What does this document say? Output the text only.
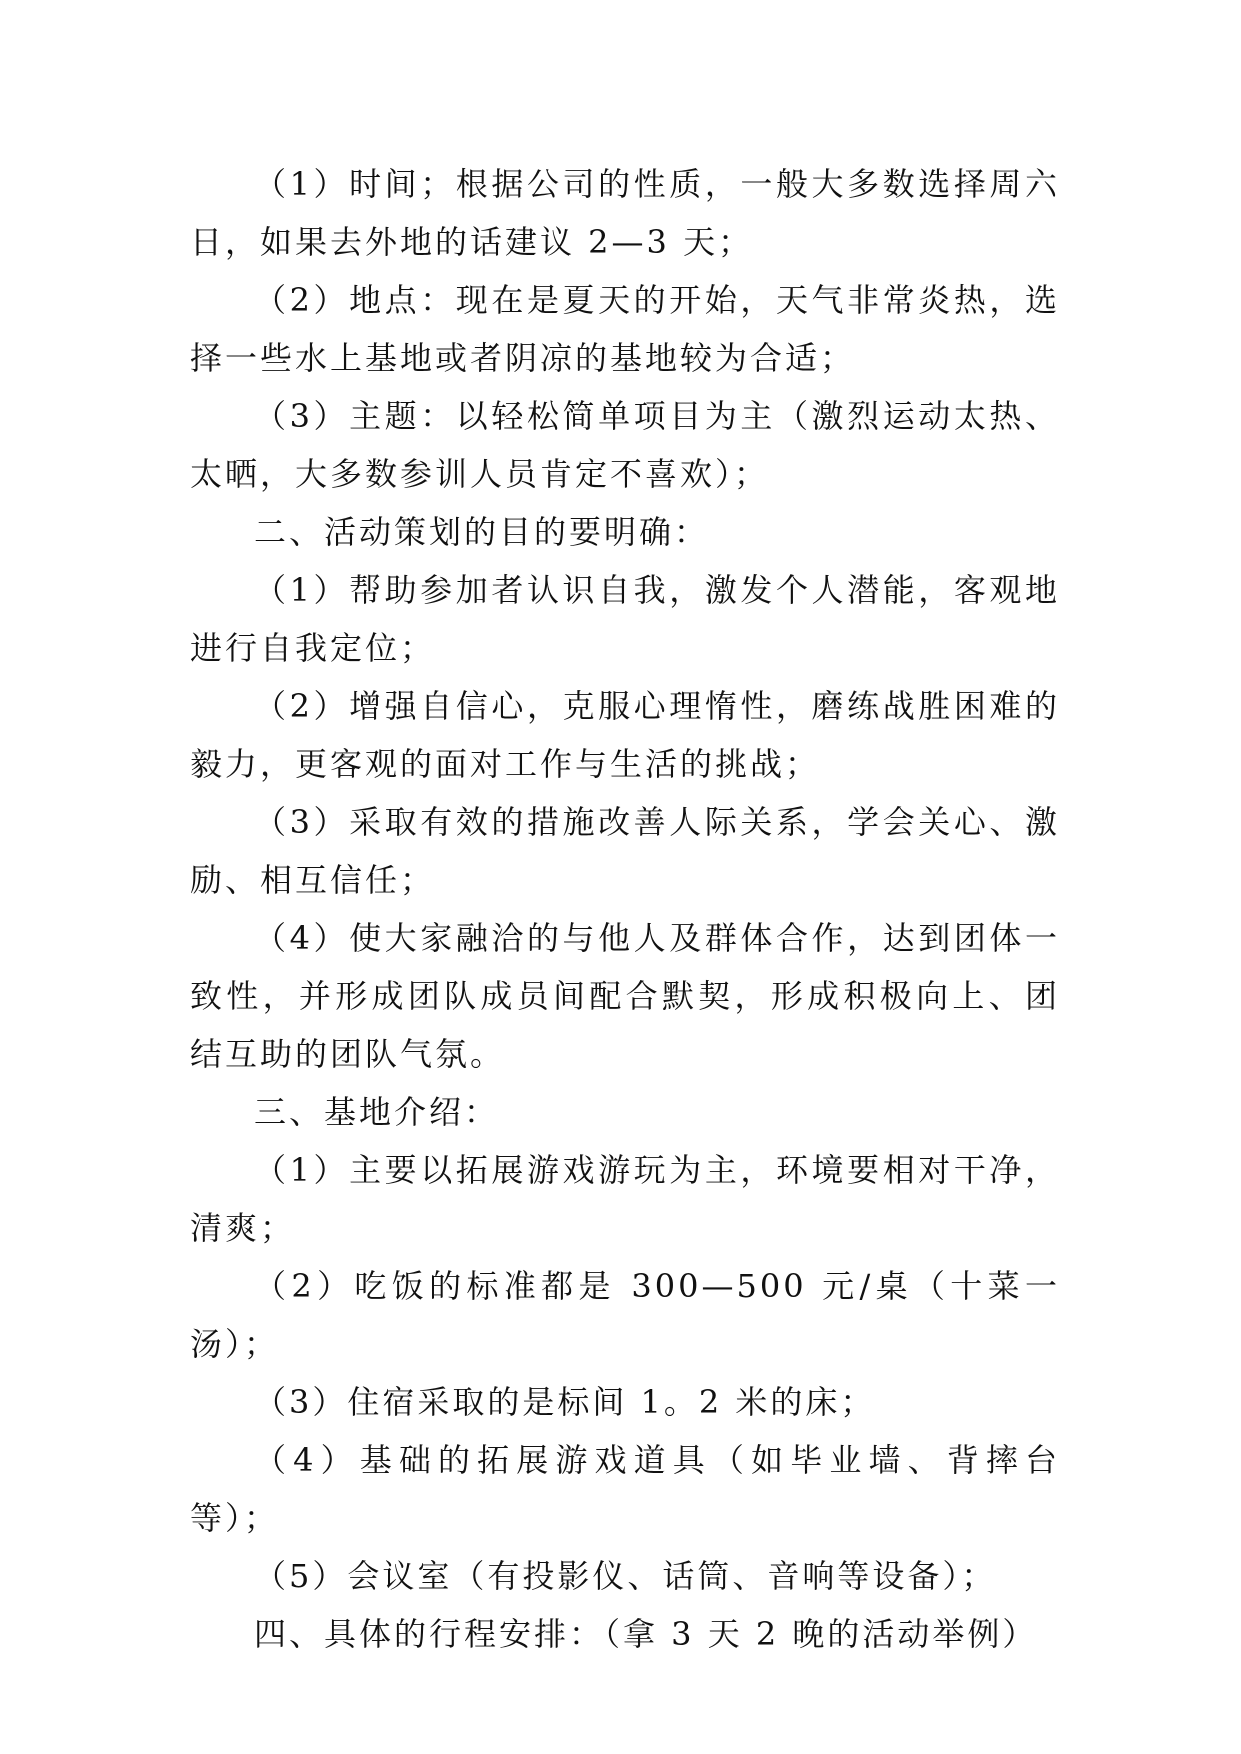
（1）时间；根据公司的性质，一般大多数选择周六日，如果去外地的话建议 2—3 天；

（2）地点：现在是夏天的开始，天气非常炎热，选择一些水上基地或者阴凉的基地较为合适；

（3）主题：以轻松简单项目为主（激烈运动太热、太晒，大多数参训人员肯定不喜欢）；

二、活动策划的目的要明确：

（1）帮助参加者认识自我，激发个人潜能，客观地进行自我定位；

（2）增强自信心，克服心理惰性，磨练战胜困难的毅力，更客观的面对工作与生活的挑战；

（3）采取有效的措施改善人际关系，学会关心、激励、相互信任；

（4）使大家融洽的与他人及群体合作，达到团体一致性，并形成团队成员间配合默契，形成积极向上、团结互助的团队气氛。

三、基地介绍：

（1）主要以拓展游戏游玩为主，环境要相对干净，清爽；

（2）吃饭的标准都是 300—500 元/桌（十菜一汤）；

（3）住宿采取的是标间 1。2 米的床；

（4）基础的拓展游戏道具（如毕业墙、背摔台等）；

（5）会议室（有投影仪、话筒、音响等设备）；

四、具体的行程安排：（拿 3 天 2 晚的活动举例）
